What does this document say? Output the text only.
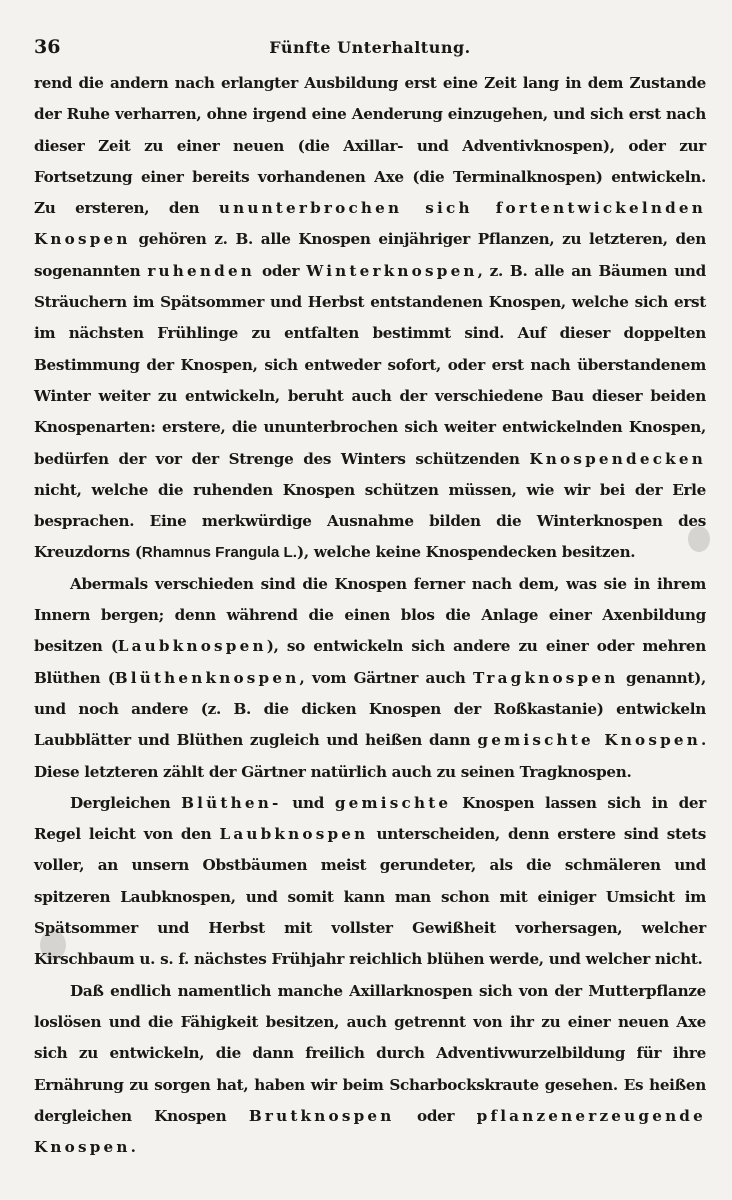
36	Fünfte Unterhaltung.

rend die andern nach erlangter Ausbildung erst eine Zeit lang in dem Zustande der Ruhe verharren, ohne irgend eine Aenderung einzugehen, und sich erst nach dieser Zeit zu einer neuen (die Axillar- und Adventivknospen), oder zur Fortsetzung einer bereits vorhandenen Axe (die Terminalknospen) entwickeln. Zu ersteren, den ununterbrochen sich fortentwickelnden Knospen gehören z. B. alle Knospen einjähriger Pflanzen, zu letzteren, den sogenannten ruhenden oder Winterknospen, z. B. alle an Bäumen und Sträuchern im Spätsommer und Herbst entstandenen Knospen, welche sich erst im nächsten Frühlinge zu entfalten bestimmt sind. Auf dieser doppelten Bestimmung der Knospen, sich entweder sofort, oder erst nach überstandenem Winter weiter zu entwickeln, beruht auch der verschiedene Bau dieser beiden Knospenarten: erstere, die ununterbrochen sich weiter entwickelnden Knospen, bedürfen der vor der Strenge des Winters schützenden Knospendecken nicht, welche die ruhenden Knospen schützen müssen, wie wir bei der Erle besprachen. Eine merkwürdige Ausnahme bilden die Winterknospen des Kreuzdorns (Rhamnus Frangula L.), welche keine Knospendecken besitzen.

Abermals verschieden sind die Knospen ferner nach dem, was sie in ihrem Innern bergen; denn während die einen blos die Anlage einer Axenbildung besitzen (Laubknospen), so entwickeln sich andere zu einer oder mehren Blüthen (Blüthenknospen, vom Gärtner auch Tragknospen genannt), und noch andere (z. B. die dicken Knospen der Roßkastanie) entwickeln Laubblätter und Blüthen zugleich und heißen dann gemischte Knospen. Diese letzteren zählt der Gärtner natürlich auch zu seinen Tragknospen.

Dergleichen Blüthen- und gemischte Knospen lassen sich in der Regel leicht von den Laubknospen unterscheiden, denn erstere sind stets voller, an unsern Obstbäumen meist gerundeter, als die schmäleren und spitzeren Laubknospen, und somit kann man schon mit einiger Umsicht im Spätsommer und Herbst mit vollster Gewißheit vorhersagen, welcher Kirschbaum u. s. f. nächstes Frühjahr reichlich blühen werde, und welcher nicht.

Daß endlich namentlich manche Axillarknospen sich von der Mutterpflanze loslösen und die Fähigkeit besitzen, auch getrennt von ihr zu einer neuen Axe sich zu entwickeln, die dann freilich durch Adventivwurzelbildung für ihre Ernährung zu sorgen hat, haben wir beim Scharbockskraute gesehen. Es heißen dergleichen Knospen Brutknospen oder pflanzenerzeugende Knospen.
